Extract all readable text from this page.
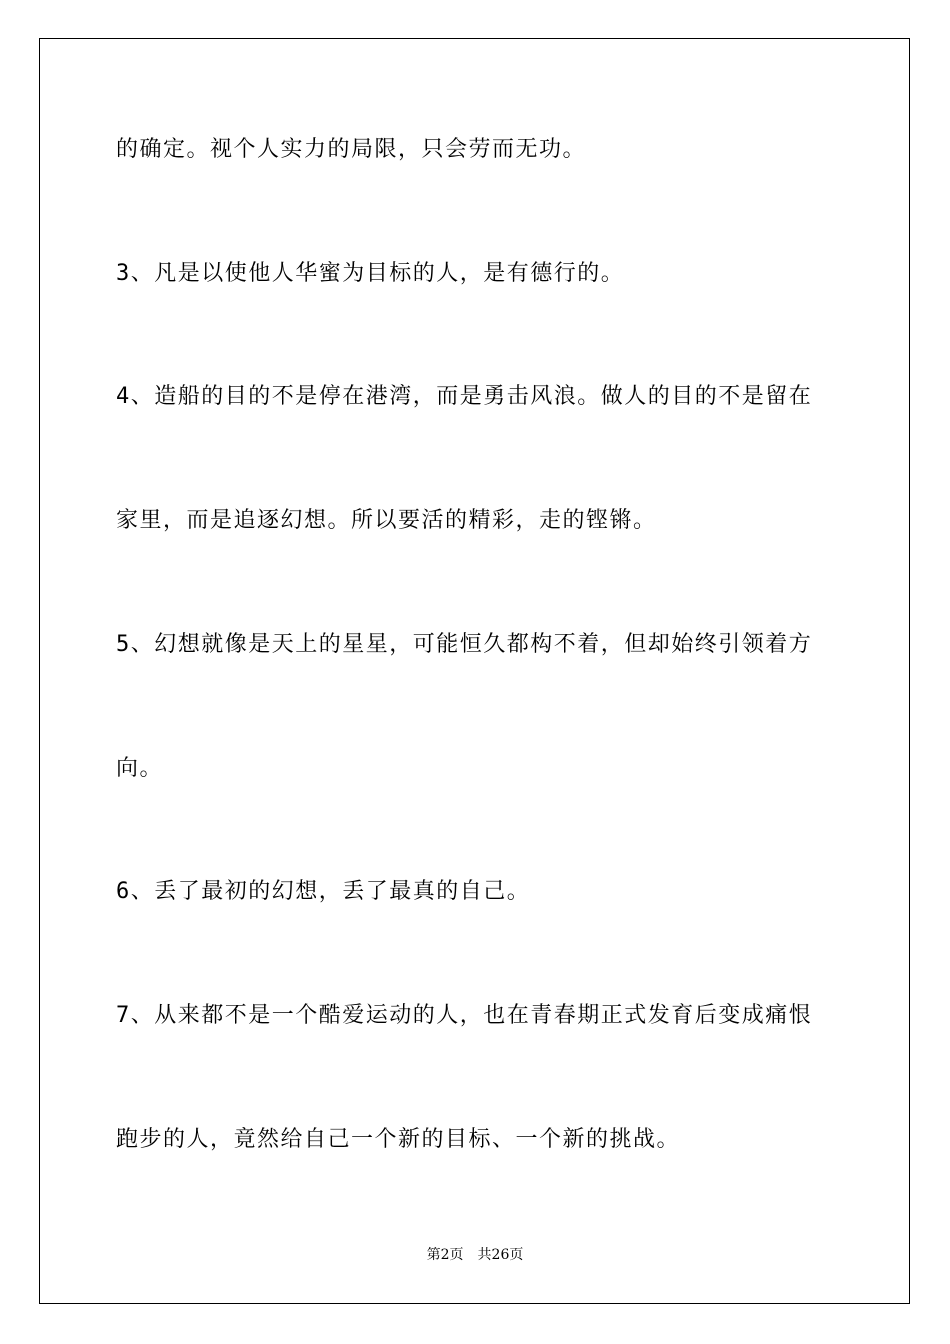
的确定。视个人实力的局限，只会劳而无功。
3、凡是以使他人华蜜为目标的人，是有德行的。
4、造船的目的不是停在港湾，而是勇击风浪。做人的目的不是留在
家里，而是追逐幻想。所以要活的精彩，走的铿锵。
5、幻想就像是天上的星星，可能恒久都构不着，但却始终引领着方
向。
6、丢了最初的幻想，丢了最真的自己。
7、从来都不是一个酷爱运动的人，也在青春期正式发育后变成痛恨
跑步的人，竟然给自己一个新的目标、一个新的挑战。
第2页 共26页
